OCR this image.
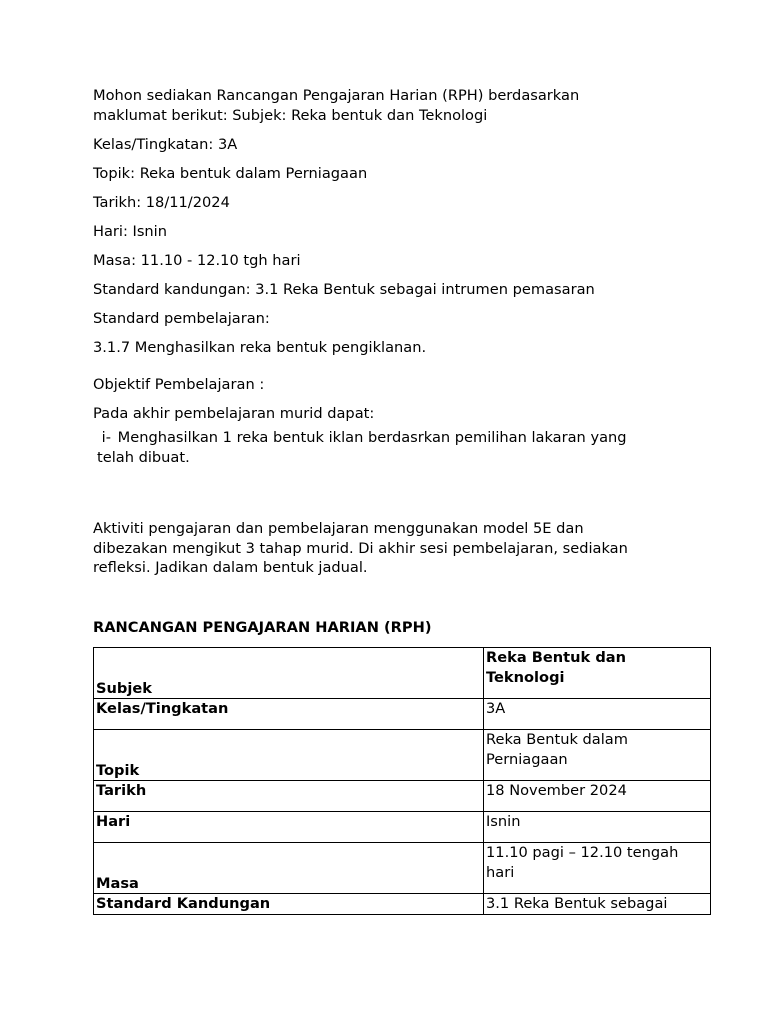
Mohon sediakan Rancangan Pengajaran Harian (RPH) berdasarkan

maklumat berikut: Subjek: Reka bentuk dan Teknologi

Kelas/Tingkatan: 3A

Topik: Reka bentuk dalam Perniagaan

Tarikh: 18/11/2024

Hari: Isnin

Masa: 11.10 - 12.10 tgh hari

Standard kandungan: 3.1 Reka Bentuk sebagai intrumen pemasaran

Standard pembelajaran:

3.1.7 Menghasilkan reka bentuk pengiklanan.

Objektif Pembelajaran :

Pada akhir pembelajaran murid dapat:

i- Menghasilkan 1 reka bentuk iklan berdasrkan pemilihan lakaran yang

telah dibuat.

Aktiviti pengajaran dan pembelajaran menggunakan model 5E dan

dibezakan mengikut 3 tahap murid. Di akhir sesi pembelajaran, sediakan

refleksi. Jadikan dalam bentuk jadual.

RANCANGAN PENGAJARAN HARIAN (RPH)

Subjek	Reka Bentuk dan
Teknologi

Kelas/Tingkatan	3A

Topik	Reka Bentuk dalam
Perniagaan

Tarikh	18 November 2024

Hari	Isnin

Masa	11.10 pagi – 12.10 tengah
hari

Standard Kandungan	3.1 Reka Bentuk sebagai
